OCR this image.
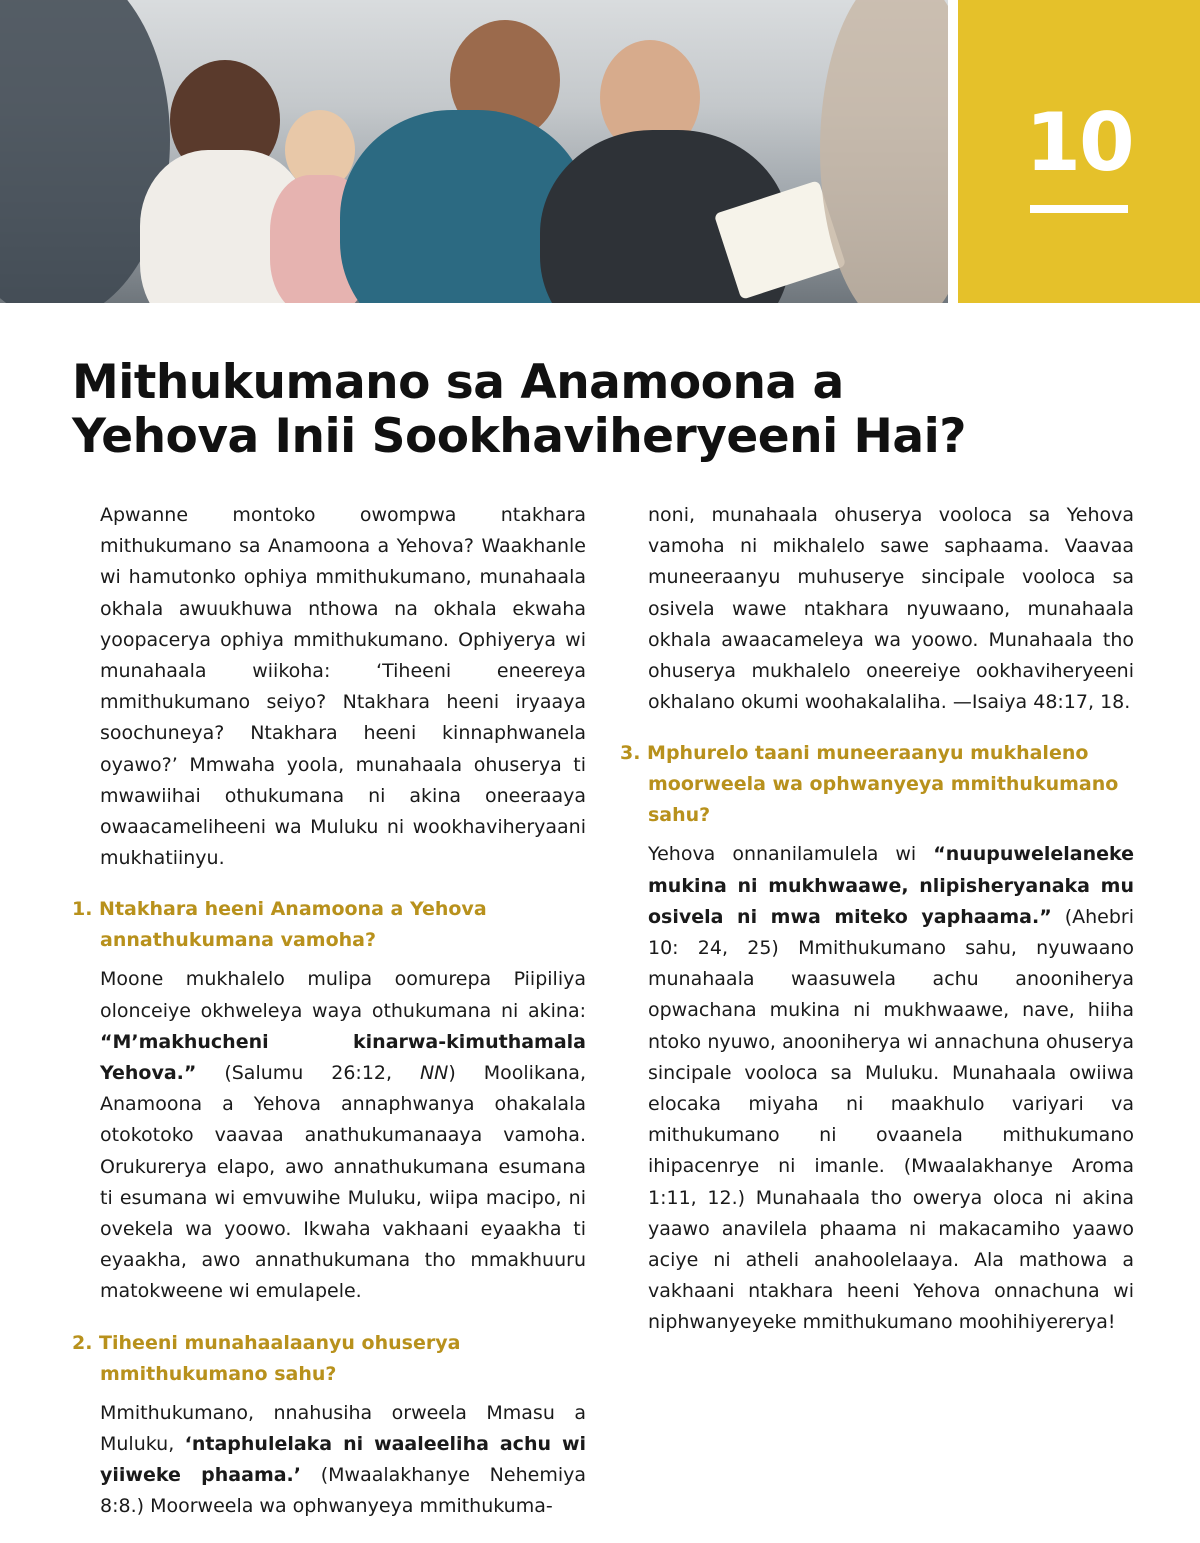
10
Mithukumano sa Anamoona a
Yehova Inii Sookhaviheryeeni Hai?

Apwanne montoko owompwa ntakhara mithukumano sa Anamoona a Yehova? Waakhanle wi hamutonko ophiya mmithukumano, munahaala okhala awuukhuwa nthowa na okhala ekwaha yoopacerya ophiya mmithukumano. Ophiyerya wi munahaala wiikoha: ‘Tiheeni eneereya mmithukumano seiyo? Ntakhara heeni iryaaya soochuneya? Ntakhara heeni kinnaphwanela oyawo?’ Mmwaha yoola, munahaala ohuserya ti mwawiihai othukumana ni akina oneeraaya owaacameliheeni wa Muluku ni wookhaviheryaani mukhatiinyu.

1. Ntakhara heeni Anamoona a Yehova annathukumana vamoha?

Moone mukhalelo mulipa oomurepa Piipiliya olonceiye okhweleya waya othukumana ni akina: “M’makhucheni kinarwa-kimuthamala Yehova.” (Salumu 26:12, NN) Moolikana, Anamoona a Yehova annaphwanya ohakalala otokotoko vaavaa anathukumanaaya vamoha. Orukurerya elapo, awo annathukumana esumana ti esumana wi emvuwihe Muluku, wiipa macipo, ni ovekela wa yoowo. Ikwaha vakhaani eyaakha ti eyaakha, awo annathukumana tho mmakhuuru matokweene wi emulapele.

2. Tiheeni munahaalaanyu ohuserya mmithukumano sahu?

Mmithukumano, nnahusiha orweela Mmasu a Muluku, ‘ntaphulelaka ni waaleeliha achu wi yiiweke phaama.’ (Mwaalakhanye Nehemiya 8:8.) Moorweela wa ophwanyeya mmithukuma-

noni, munahaala ohuserya vooloca sa Yehova vamoha ni mikhalelo sawe saphaama. Vaavaa muneeraanyu muhuserye sincipale vooloca sa osivela wawe ntakhara nyuwaano, munahaala okhala awaacameleya wa yoowo. Munahaala tho ohuserya mukhalelo oneereiye ookhaviheryeeni okhalano okumi woohakalaliha. —Isaiya 48:17, 18.

3. Mphurelo taani muneeraanyu mukhaleno moorweela wa ophwanyeya mmithukumano sahu?

Yehova onnanilamulela wi “nuupuwelelaneke mukina ni mukhwaawe, nlipisheryanaka mu osivela ni mwa miteko yaphaama.” (Ahebri 10: 24, 25) Mmithukumano sahu, nyuwaano munahaala waasuwela achu anooniherya opwachana mukina ni mukhwaawe, nave, hiiha ntoko nyuwo, anooniherya wi annachuna ohuserya sincipale vooloca sa Muluku. Munahaala owiiwa elocaka miyaha ni maakhulo variyari va mithukumano ni ovaanela mithukumano ihipacenrye ni imanle. (Mwaalakhanye Aroma 1:11, 12.) Munahaala tho owerya oloca ni akina yaawo anavilela phaama ni makacamiho yaawo aciye ni atheli anahoolelaaya. Ala mathowa a vakhaani ntakhara heeni Yehova onnachuna wi niphwanyeyeke mmithukumano moohihiyererya!
